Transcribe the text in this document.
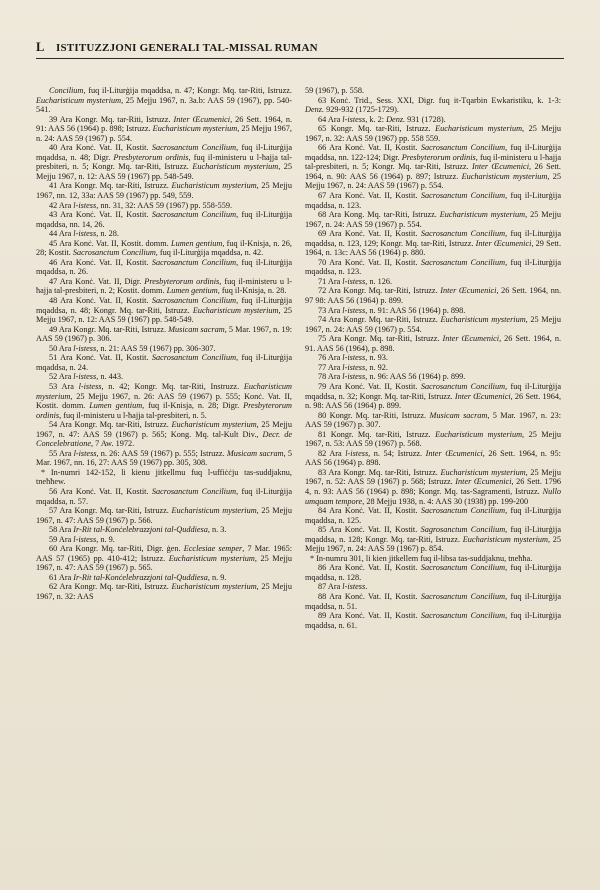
L ISTITUZZJONI GENERALI TAL-MISSAL RUMAN

Concilium, fuq il-Liturġija mqaddsa, n. 47; Kongr. Mq. tar-Riti, Istruzz. Eucharisticum mysterium, 25 Mejju 1967, n. 3a.b: AAS 59 (1967), pp. 540-541.

39 Ara Kongr. Mq. tar-Riti, Istruzz. Inter Œcumenici, 26 Sett. 1964, n. 91: AAS 56 (1964) p. 898; Istruzz. Eucharisticum mysterium, 25 Mejju 1967, n. 24: AAS 59 (1967) p. 554.

40 Ara Konċ. Vat. II, Kostit. Sacrosanctum Concilium, fuq il-Liturġija mqaddsa, n. 48; Digr. Presbyterorum ordinis, fuq il-ministeru u l-ħajja tal-presbiteri, n. 5; Kongr. Mq. tar-Riti, Istruzz. Eucharisticum mysterium, 25 Mejju 1967, n. 12: AAS 59 (1967) pp. 548-549.

41 Ara Kongr. Mq. tar-Riti, Istruzz. Eucharisticum mysterium, 25 Mejju 1967, nn. 12, 33a: AAS 59 (1967) pp. 549, 559.

42 Ara l-istess, nn. 31, 32: AAS 59 (1967) pp. 558-559.

43 Ara Konċ. Vat. II, Kostit. Sacrosanctum Concilium, fuq il-Liturġija mqaddsa, nn. 14, 26.

44 Ara l-istess, n. 28.

45 Ara Konċ. Vat. II, Kostit. domm. Lumen gentium, fuq il-Knisja, n. 26, 28; Kostit. Sacrosanctum Concilium, fuq il-Liturġija mqaddsa, n. 42.

46 Ara Konċ. Vat. II, Kostit. Sacrosanctum Concilium, fuq il-Liturġija mqaddsa, n. 26.

47 Ara Konċ. Vat. II, Digr. Presbyterorum ordinis, fuq il-ministeru u l-ħajja tal-presbiteri, n. 2; Kostit. domm. Lumen gentium, fuq il-Knisja, n. 28.

48 Ara Konċ. Vat. II, Kostit. Sacrosanctum Concilium, fuq il-Liturġija mqaddsa, n. 48; Kongr. Mq. tar-Riti, Istruzz. Eucharisticum mysterium, 25 Mejju 1967, n. 12: AAS 59 (1967) pp. 548-549.

49 Ara Kongr. Mq. tar-Riti, Istruzz. Musicam sacram, 5 Mar. 1967, n. 19: AAS 59 (1967) p. 306.

50 Ara l-istess, n. 21: AAS 59 (1967) pp. 306-307.

51 Ara Konċ. Vat. II, Kostit. Sacrosanctum Concilium, fuq il-Liturġija mqaddsa, n. 24.

52 Ara l-istess, n. 443.

53 Ara l-istess, n. 42; Kongr. Mq. tar-Riti, Instruzz. Eucharisticum mysterium, 25 Mejju 1967, n. 26: AAS 59 (1967) p. 555; Konċ. Vat. II, Kostit. domm. Lumen gentium, fuq il-Knisja, n. 28; Digr. Presbyterorum ordinis, fuq il-ministeru u l-ħajja tal-presbiteri, n. 5.

54 Ara Kongr. Mq. tar-Riti, Istruzz. Eucharisticum mysterium, 25 Mejju 1967, n. 47: AAS 59 (1967) p. 565; Kong. Mq. tal-Kult Div., Decr. de Concelebratione, 7 Aw. 1972.

55 Ara l-istess, n. 26: AAS 59 (1967) p. 555; Istruzz. Musicam sacram, 5 Mar. 1967, nn. 16, 27: AAS 59 (1967) pp. 305, 308.

* In-numri 142-152, li kienu jitkellmu fuq l-uffiċċju tas-suddjaknu, tneħħew.

56 Ara Konċ. Vat. II, Kostit. Sacrosanctum Concilium, fuq il-Liturġija mqaddsa, n. 57.

57 Ara Kongr. Mq. tar-Riti, Istruzz. Eucharisticum mysterium, 25 Mejju 1967, n. 47: AAS 59 (1967) p. 566.

58 Ara Ir-Rit tal-Konċelebrazzjoni tal-Quddiesa, n. 3.

59 Ara l-istess, n. 9.

60 Ara Kongr. Mq. tar-Riti, Digr. ġen. Ecclesiae semper, 7 Mar. 1965: AAS 57 (1965) pp. 410-412; Istruzz. Eucharisticum mysterium, 25 Mejju 1967, n. 47: AAS 59 (1967) p. 565.

61 Ara Ir-Rit tal-Konċelebrazzjoni tal-Quddiesa, n. 9.

62 Ara Kongr. Mq. tar-Riti, Istruzz. Eucharisticum mysterium, 25 Mejju 1967, n. 32: AAS

59 (1967), p. 558.

63 Konċ. Trid., Sess. XXI, Digr. fuq it-Tqarbin Ewkaristiku, k. 1-3: Denz. 929-932 (1725-1729).

64 Ara l-istess, k. 2: Denz. 931 (1728).

65 Kongr. Mq. tar-Riti, Istruzz. Eucharisticum mysterium, 25 Mejju 1967, n. 32: AAS 59 (1967) pp. 558 559.

66 Ara Konċ. Vat. II, Kostit. Sacrosanctum Concilium, fuq il-Liturġija mqaddsa, nn. 122-124; Digr. Presbyterorum ordinis, fuq il-ministeru u l-ħajja tal-presbiteri, n. 5; Kongr. Mq. tar-Riti, Istruzz. Inter Œcumenici, 26 Sett. 1964, n. 90: AAS 56 (1964) p. 897; Istruzz. Eucharisticum mysterium, 25 Mejju 1967, n. 24: AAS 59 (1967) p. 554.

67 Ara Konċ. Vat. II, Kostit. Sacrosanctum Concilium, fuq il-Liturġija mqaddsa, n. 123.

68 Ara Kong. Mq. tar-Riti, Istruzz. Eucharisticum mysterium, 25 Mejju 1967, n. 24: AAS 59 (1967) p. 554.

69 Ara Konċ. Vat. II, Kostit. Sacrosanctum Concilium, fuq il-Liturġija mqaddsa, n. 123, 129; Kongr. Mq. tar-Riti, Istruzz. Inter Œcumenici, 29 Sett. 1964, n. 13c: AAS 56 (1964) p. 880.

70 Ara Konċ. Vat. II, Kostit. Sacrosanctum Concilium, fuq il-Liturġija mqaddsa, n. 123.

71 Ara l-istess, n. 126.

72 Ara Kongr. Mq. tar-Riti, Istruzz. Inter Œcumenici, 26 Sett. 1964, nn. 97 98: AAS 56 (1964) p. 899.

73 Ara l-istess, n. 91: AAS 56 (1964) p. 898.

74 Ara Kongr. Mq. tar-Riti, Istruzz. Eucharisticum mysterium, 25 Mejju 1967, n. 24: AAS 59 (1967) p. 554.

75 Ara Kongr. Mq. tar-Riti, Istruzz. Inter Œcumenici, 26 Sett. 1964, n. 91. AAS 56 (1964), p. 898.

76 Ara l-istess, n. 93.

77 Ara l-istess, n. 92.

78 Ara l-istess, n. 96: AAS 56 (1964) p. 899.

79 Ara Konċ. Vat. II, Kostit. Sacrosanctum Concilium, fuq il-Liturġija mqaddsa, n. 32; Kongr. Mq. tar-Riti, Istruzz. Inter Œcumenici, 26 Sett. 1964, n. 98: AAS 56 (1964) p. 899.

80 Kongr. Mq. tar-Riti, Istruzz. Musicam sacram, 5 Mar. 1967, n. 23: AAS 59 (1967) p. 307.

81 Kongr. Mq. tar-Riti, Istruzz. Eucharisticum mysterium, 25 Mejju 1967, n. 53: AAS 59 (1967) p. 568.

82 Ara l-istess, n. 54; Istruzz. Inter Œcumenici, 26 Sett. 1964, n. 95: AAS 56 (1964) p. 898.

83 Ara Kongr. Mq. tar-Riti, Istruzz. Eucharisticum mysterium, 25 Mejju 1967, n. 52: AAS 59 (1967) p. 568; Istruzz. Inter Œcumenici, 26 Sett. 1796 4, n. 93: AAS 56 (1964) p. 898; Kongr. Mq. tas-Sagramenti, Istruzz. Nullo umquam tempore, 28 Mejju 1938, n. 4: AAS 30 (1938) pp. 199-200

84 Ara Konċ. Vat. II, Kostit. Sacrosanctum Concilium, fuq il-Liturġija mqaddsa, n. 125.

85 Ara Konċ. Vat. II, Kostit. Sagrosanctum Concilium, fuq il-Liturġija mqaddsa, n. 128; Kongr. Mq. tar-Riti, Istruzz. Eucharisticum mysterium, 25 Mejju 1967, n. 24: AAS 59 (1967) p. 854.

* In-numru 301, li kien jitkellem fuq il-libsa tas-suddjaknu, tneħħa.

86 Ara Konċ. Vat. II, Kostit. Sacrosanctum Concilium, fuq il-Liturġija mqaddsa, n. 128.

87 Ara l-istess.

88 Ara Konċ. Vat. II, Kostit. Sacrosanctum Concilium, fuq il-Liturġija mqaddsa, n. 51.

89 Ara Konċ. Vat. II, Kostit. Sacrosanctum Concilium, fuq il-Liturġija mqaddsa, n. 61.
